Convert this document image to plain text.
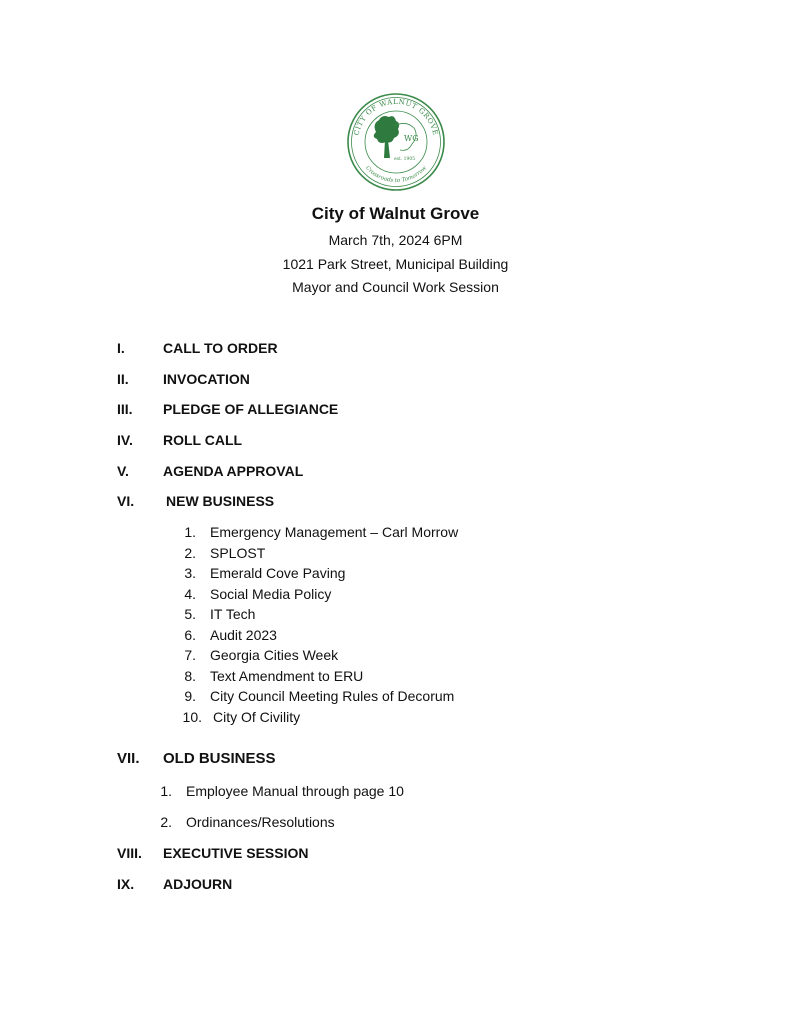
CITY OF WALNUT GROVE
Crossroads to Tomorrow
WG
est. 1905
City of Walnut Grove
March 7th, 2024 6PM
1021 Park Street, Municipal Building
Mayor and Council Work Session
I.	CALL TO ORDER
II. INVOCATION
III. PLEDGE OF ALLEGIANCE
IV. ROLL CALL
V. AGENDA APPROVAL
VI. NEW BUSINESS
1. Emergency Management – Carl Morrow
2. SPLOST
3. Emerald Cove Paving
4. Social Media Policy
5. IT Tech
6. Audit 2023
7. Georgia Cities Week
8. Text Amendment to ERU
9. City Council Meeting Rules of Decorum
10. City Of Civility
VII. OLD BUSINESS
1. Employee Manual through page 10
2. Ordinances/Resolutions
VIII. EXECUTIVE SESSION
IX. ADJOURN
